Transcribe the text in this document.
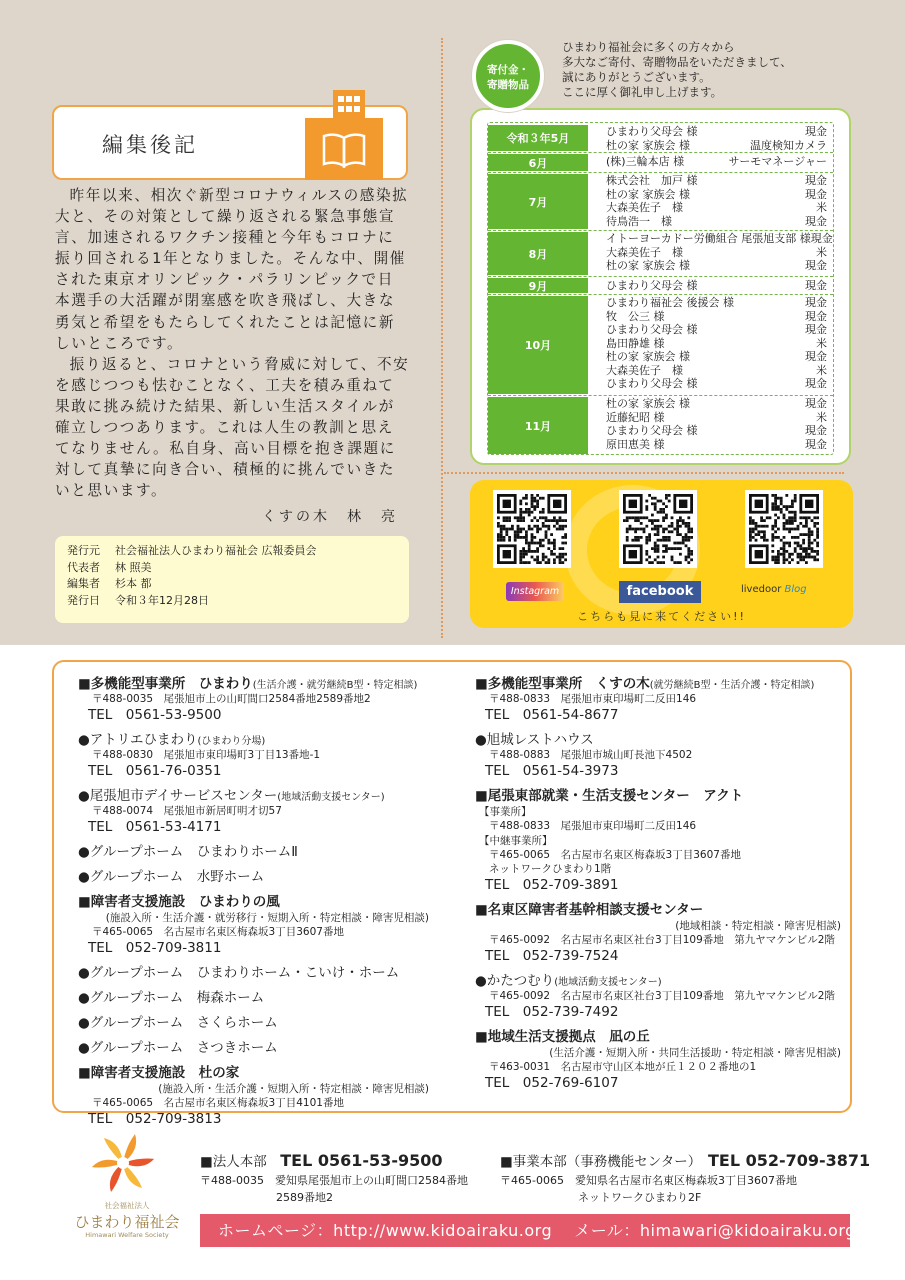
編集後記

昨年以来、相次ぐ新型コロナウィルスの感染拡大と、その対策として繰り返される緊急事態宣言、加速されるワクチン接種と今年もコロナに振り回される1年となりました。そんな中、開催された東京オリンピック・パラリンピックで日本選手の大活躍が閉塞感を吹き飛ばし、大きな勇気と希望をもたらしてくれたことは記憶に新しいところです。

振り返ると、コロナという脅威に対して、不安を感じつつも怯むことなく、工夫を積み重ねて果敢に挑み続けた結果、新しい生活スタイルが確立しつつあります。これは人生の教訓と思えてなりません。私自身、高い目標を抱き課題に対して真摯に向き合い、積極的に挑んでいきたいと思います。

くすの木　林　亮
発行元 社会福祉法人ひまわり福祉会 広報委員会
代表者 林 照美
編集者 杉本 都
発行日 令和３年12月28日
ひまわり福祉会に多くの方々から
多大なご寄付、寄贈物品をいただきまして、
誠にありがとうございます。
ここに厚く御礼申し上げます。
寄付金・
寄贈物品
令和３年5月
ひまわり父母会 様	現金
杜の家 家族会 様	温度検知カメラ
6月	(株)三輪本店 様	サーモマネージャー
7月
株式会社　加戸 様	現金
杜の家 家族会 様	現金
大森美佐子　様	米
待鳥浩一　様	現金
8月
イトーヨーカドー労働組合 尾張旭支部 様 現金
大森美佐子　様	米
杜の家 家族会 様	現金
9月	ひまわり父母会 様	現金
10月
ひまわり福祉会 後援会 様	現金
牧　公三 様	現金
ひまわり父母会 様	現金
島田静雄 様	米
杜の家 家族会 様	現金
大森美佐子　様	米
ひまわり父母会 様	現金
11月
杜の家 家族会 様	現金
近藤紀昭 様	米
ひまわり父母会 様	現金
原田恵美 様	現金
Instagram	facebook	livedoor Blog
こちらも見に来てください!!
■多機能型事業所　ひまわり(生活介護・就労継続B型・特定相談)
〒488-0035　尾張旭市上の山町間口2584番地2589番地2
TEL　0561-53-9500
●アトリエひまわり(ひまわり分場)
〒488-0830　尾張旭市東印場町3丁目13番地-1
TEL　0561-76-0351
●尾張旭市デイサービスセンター(地域活動支援センター)
〒488-0074　尾張旭市新居町明才切57
TEL　0561-53-4171
●グループホーム　ひまわりホームⅡ
●グループホーム　水野ホーム
■障害者支援施設　ひまわりの風
(施設入所・生活介護・就労移行・短期入所・特定相談・障害児相談)
〒465-0065　名古屋市名東区梅森坂3丁目3607番地
TEL　052-709-3811
●グループホーム　ひまわりホーム・こいけ・ホーム
●グループホーム　梅森ホーム
●グループホーム　さくらホーム
●グループホーム　さつきホーム
■障害者支援施設　杜の家
(施設入所・生活介護・短期入所・特定相談・障害児相談)
〒465-0065　名古屋市名東区梅森坂3丁目4101番地
TEL　052-709-3813
■多機能型事業所　くすの木(就労継続B型・生活介護・特定相談)
〒488-0833　尾張旭市東印場町二反田146
TEL　0561-54-8677
●旭城レストハウス
〒488-0883　尾張旭市城山町長池下4502
TEL　0561-54-3973
■尾張東部就業・生活支援センター　アクト
【事業所】
〒488-0833　尾張旭市東印場町二反田146
【中継事業所】
〒465-0065　名古屋市名東区梅森坂3丁目3607番地
ネットワークひまわり1階
TEL　052-709-3891
■名東区障害者基幹相談支援センター
(地域相談・特定相談・障害児相談)
〒465-0092　名古屋市名東区社台3丁目109番地　第九ヤマケンビル2階
TEL　052-739-7524
●かたつむり(地域活動支援センター)
〒465-0092　名古屋市名東区社台3丁目109番地　第九ヤマケンビル2階
TEL　052-739-7492
■地域生活支援拠点　凪の丘
(生活介護・短期入所・共同生活援助・特定相談・障害児相談)
〒463-0031　名古屋市守山区本地が丘１２０２番地の1
TEL　052-769-6107
社会福祉法人
ひまわり福祉会
Himawari Welfare Society
■法人本部　 TEL 0561-53-9500
〒488-0035　愛知県尾張旭市上の山町間口2584番地
2589番地2
■事業本部（事務機能センター）　 TEL 052-709-3871
〒465-0065　愛知県名古屋市名東区梅森坂3丁目3607番地
ネットワークひまわり2F
ホームページ：http://www.kidoairaku.org　 メール：himawari@kidoairaku.org
